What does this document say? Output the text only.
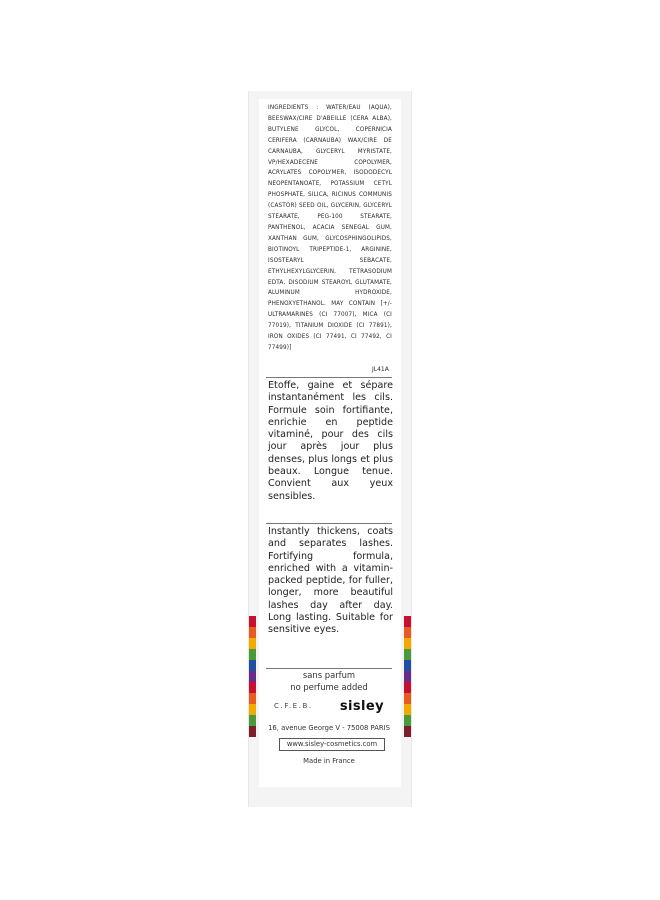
INGREDIENTS : WATER/EAU (AQUA), BEESWAX/CIRE D'ABEILLE (CERA ALBA), BUTYLENE GLYCOL, COPERNICIA CERIFERA (CARNAUBA) WAX/CIRE DE CARNAUBA, GLYCERYL MYRISTATE, VP/HEXADECENE COPOLYMER, ACRYLATES COPOLYMER, ISODODECYL NEOPENTANOATE, POTASSIUM CETYL PHOSPHATE, SILICA, RICINUS COMMUNIS (CASTOR) SEED OIL, GLYCERIN, GLYCERYL STEARATE, PEG-100 STEARATE, PANTHENOL, ACACIA SENEGAL GUM, XANTHAN GUM, GLYCOSPHINGOLIPIDS, BIOTINOYL TRIPEPTIDE-1, ARGININE, ISOSTEARYL SEBACATE, ETHYLHEXYLGLYCERIN, TETRASODIUM EDTA, DISODIUM STEAROYL GLUTAMATE, ALUMINUM HYDROXIDE, PHENOXYETHANOL. MAY CONTAIN [+/- ULTRAMARINES (CI 77007), MICA (CI 77019), TITANIUM DIOXIDE (CI 77891), IRON OXIDES (CI 77491, CI 77492, CI 77499)]

JL41A

Etoffe, gaine et sépare instantanément les cils. Formule soin fortifiante, enrichie en peptide vitaminé, pour des cils jour après jour plus denses, plus longs et plus beaux. Longue tenue. Convient aux yeux sensibles.

Instantly thickens, coats and separates lashes. Fortifying formula, enriched with a vitamin-packed peptide, for fuller, longer, more beautiful lashes day after day. Long lasting. Suitable for sensitive eyes.

sans parfum
no perfume added
C.F.E.B. sisley
16, avenue George V - 75008 PARIS
www.sisley-cosmetics.com
Made in France
